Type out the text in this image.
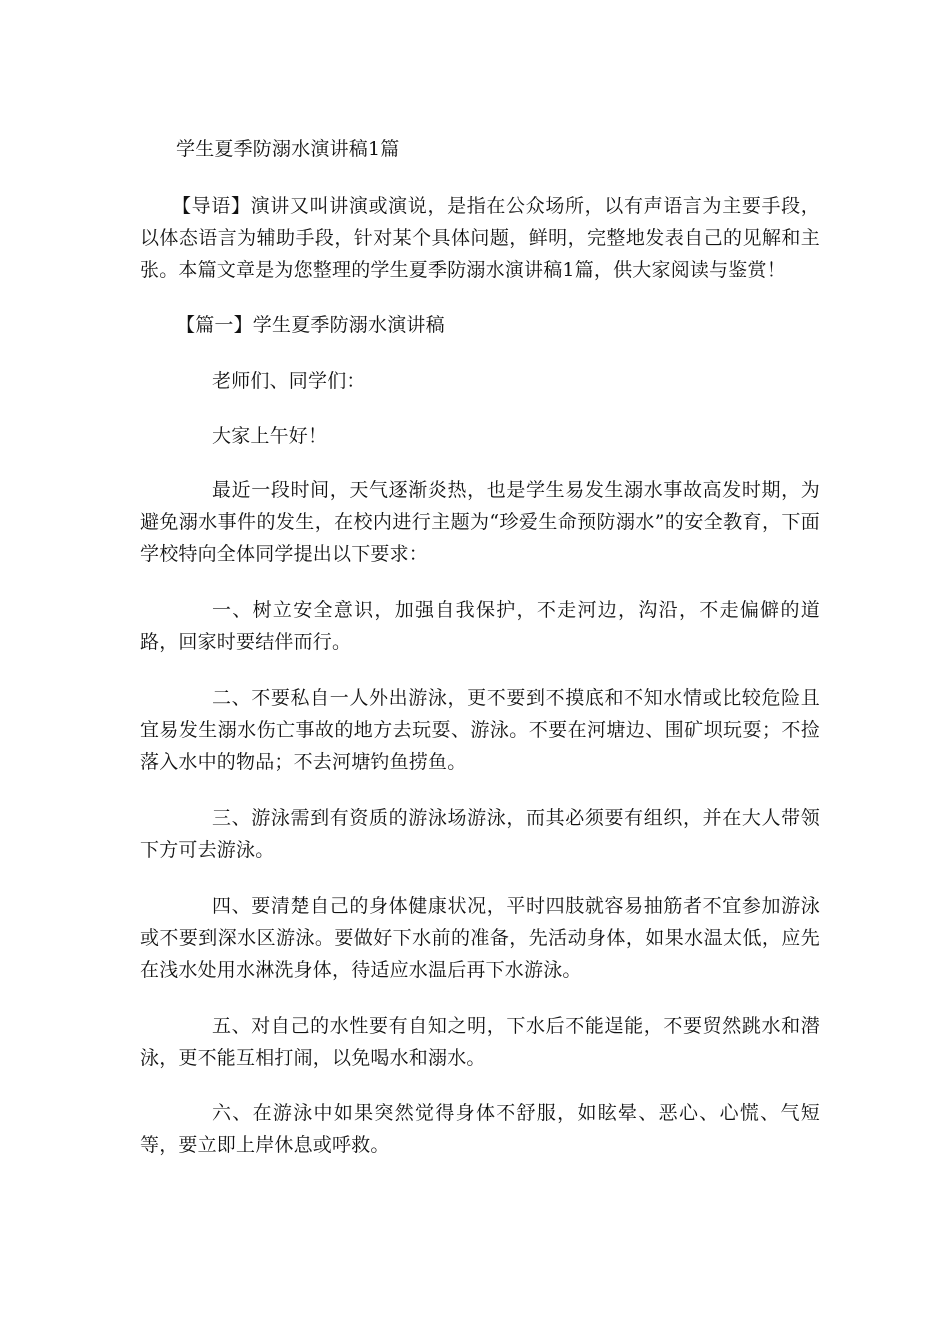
学生夏季防溺水演讲稿1篇
【导语】演讲又叫讲演或演说，是指在公众场所，以有声语言为主要手段，以体态语言为辅助手段，针对某个具体问题，鲜明，完整地发表自己的见解和主张。本篇文章是为您整理的学生夏季防溺水演讲稿1篇，供大家阅读与鉴赏！
【篇一】学生夏季防溺水演讲稿
老师们、同学们：
大家上午好！
最近一段时间，天气逐渐炎热，也是学生易发生溺水事故高发时期，为避免溺水事件的发生，在校内进行主题为“珍爱生命预防溺水”的安全教育，下面学校特向全体同学提出以下要求：
一、树立安全意识，加强自我保护，不走河边，沟沿，不走偏僻的道路，回家时要结伴而行。
二、不要私自一人外出游泳，更不要到不摸底和不知水情或比较危险且宜易发生溺水伤亡事故的地方去玩耍、游泳。不要在河塘边、围矿坝玩耍；不捡落入水中的物品；不去河塘钓鱼捞鱼。
三、游泳需到有资质的游泳场游泳，而其必须要有组织，并在大人带领下方可去游泳。
四、要清楚自己的身体健康状况，平时四肢就容易抽筋者不宜参加游泳或不要到深水区游泳。要做好下水前的准备，先活动身体，如果水温太低，应先在浅水处用水淋洗身体，待适应水温后再下水游泳。
五、对自己的水性要有自知之明，下水后不能逞能，不要贸然跳水和潜泳，更不能互相打闹，以免喝水和溺水。
六、在游泳中如果突然觉得身体不舒服，如眩晕、恶心、心慌、气短等，要立即上岸休息或呼救。
